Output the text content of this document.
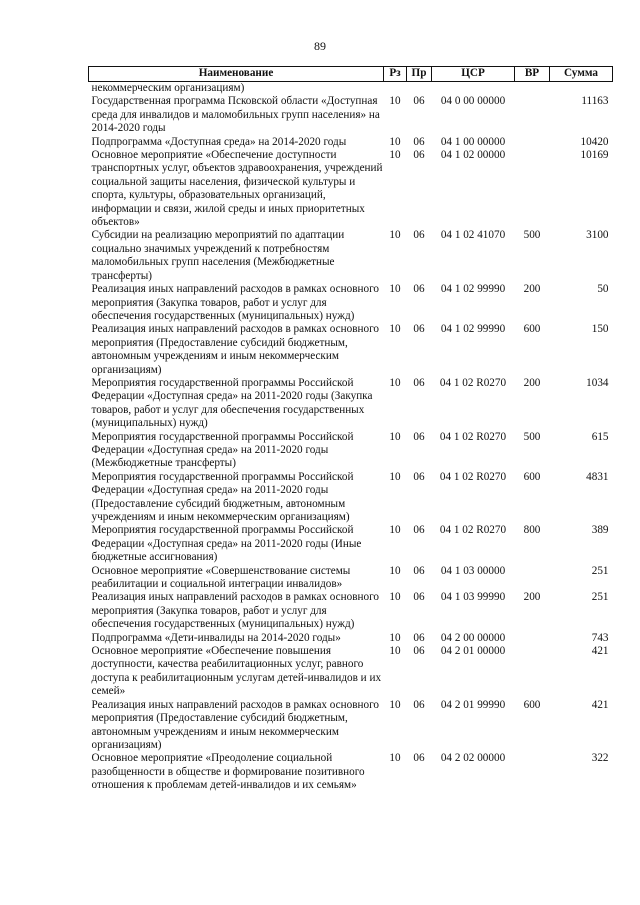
89
Наименование	Рз	Пр	ЦСР	ВР	Сумма
некоммерческим организациям)					
Государственная программа Псковской области «Доступная среда для инвалидов и маломобильных групп населения» на 2014-2020 годы	10	06	04 0 00 00000		11163
Подпрограмма «Доступная среда» на 2014-2020 годы	10	06	04 1 00 00000		10420
Основное мероприятие «Обеспечение доступности транспортных услуг, объектов здравоохранения, учреждений социальной защиты населения, физической культуры и спорта, культуры, образовательных организаций, информации и связи, жилой среды и иных приоритетных объектов»	10	06	04 1 02 00000		10169
Субсидии на реализацию мероприятий по адаптации социально значимых учреждений к потребностям маломобильных групп населения (Межбюджетные трансферты)	10	06	04 1 02 41070	500	3100
Реализация иных направлений расходов в рамках основного мероприятия (Закупка товаров, работ и услуг для обеспечения государственных (муниципальных) нужд)	10	06	04 1 02 99990	200	50
Реализация иных направлений расходов в рамках основного мероприятия (Предоставление субсидий бюджетным, автономным учреждениям и иным некоммерческим организациям)	10	06	04 1 02 99990	600	150
Мероприятия государственной программы Российской Федерации «Доступная среда» на 2011-2020 годы (Закупка товаров, работ и услуг для обеспечения государственных (муниципальных) нужд)	10	06	04 1 02 R0270	200	1034
Мероприятия государственной программы Российской Федерации «Доступная среда» на 2011-2020 годы (Межбюджетные трансферты)	10	06	04 1 02 R0270	500	615
Мероприятия государственной программы Российской Федерации «Доступная среда» на 2011-2020 годы (Предоставление субсидий бюджетным, автономным учреждениям и иным некоммерческим организациям)	10	06	04 1 02 R0270	600	4831
Мероприятия государственной программы Российской Федерации «Доступная среда» на 2011-2020 годы (Иные бюджетные ассигнования)	10	06	04 1 02 R0270	800	389
Основное мероприятие «Совершенствование системы реабилитации и социальной интеграции инвалидов»	10	06	04 1 03 00000		251
Реализация иных направлений расходов в рамках основного мероприятия (Закупка товаров, работ и услуг для обеспечения государственных (муниципальных) нужд)	10	06	04 1 03 99990	200	251
Подпрограмма «Дети-инвалиды на 2014-2020 годы»	10	06	04 2 00 00000		743
Основное мероприятие «Обеспечение повышения доступности, качества реабилитационных услуг, равного доступа к реабилитационным услугам детей-инвалидов и их семей»	10	06	04 2 01 00000		421
Реализация иных направлений расходов в рамках основного мероприятия (Предоставление субсидий бюджетным, автономным учреждениям и иным некоммерческим организациям)	10	06	04 2 01 99990	600	421
Основное мероприятие «Преодоление социальной разобщенности в обществе и формирование позитивного отношения к проблемам детей-инвалидов и их семьям»	10	06	04 2 02 00000		322
